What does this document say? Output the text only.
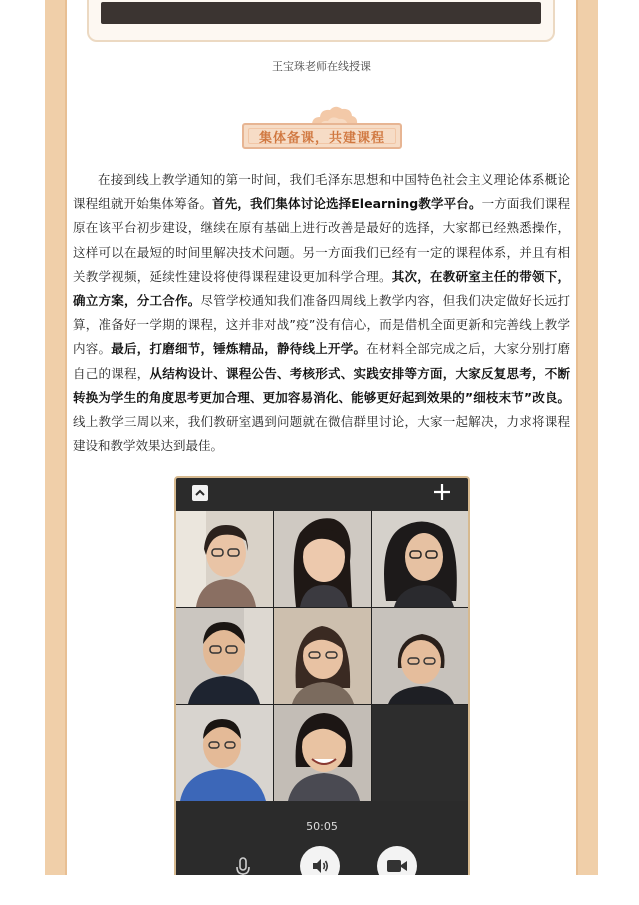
王宝珠老师在线授课
集体备课，共建课程

在接到线上教学通知的第一时间，我们毛泽东思想和中国特色社会主义理论体系概论课程组就开始集体筹备。首先，我们集体讨论选择Elearning教学平台。一方面我们课程原在该平台初步建设，继续在原有基础上进行改善是最好的选择，大家都已经熟悉操作，这样可以在最短的时间里解决技术问题。另一方面我们已经有一定的课程体系，并且有相关教学视频，延续性建设将使得课程建设更加科学合理。其次，在教研室主任的带领下，确立方案，分工合作。尽管学校通知我们准备四周线上教学内容，但我们决定做好长远打算，准备好一学期的课程，这并非对战”疫”没有信心，而是借机全面更新和完善线上教学内容。最后，打磨细节，锤炼精品，静待线上开学。在材料全部完成之后，大家分别打磨自己的课程，从结构设计、课程公告、考核形式、实践安排等方面，大家反复思考，不断转换为学生的角度思考更加合理、更加容易消化、能够更好起到效果的”细枝末节”改良。线上教学三周以来，我们教研室遇到问题就在微信群里讨论，大家一起解决，力求将课程建设和教学效果达到最佳。

50:05
